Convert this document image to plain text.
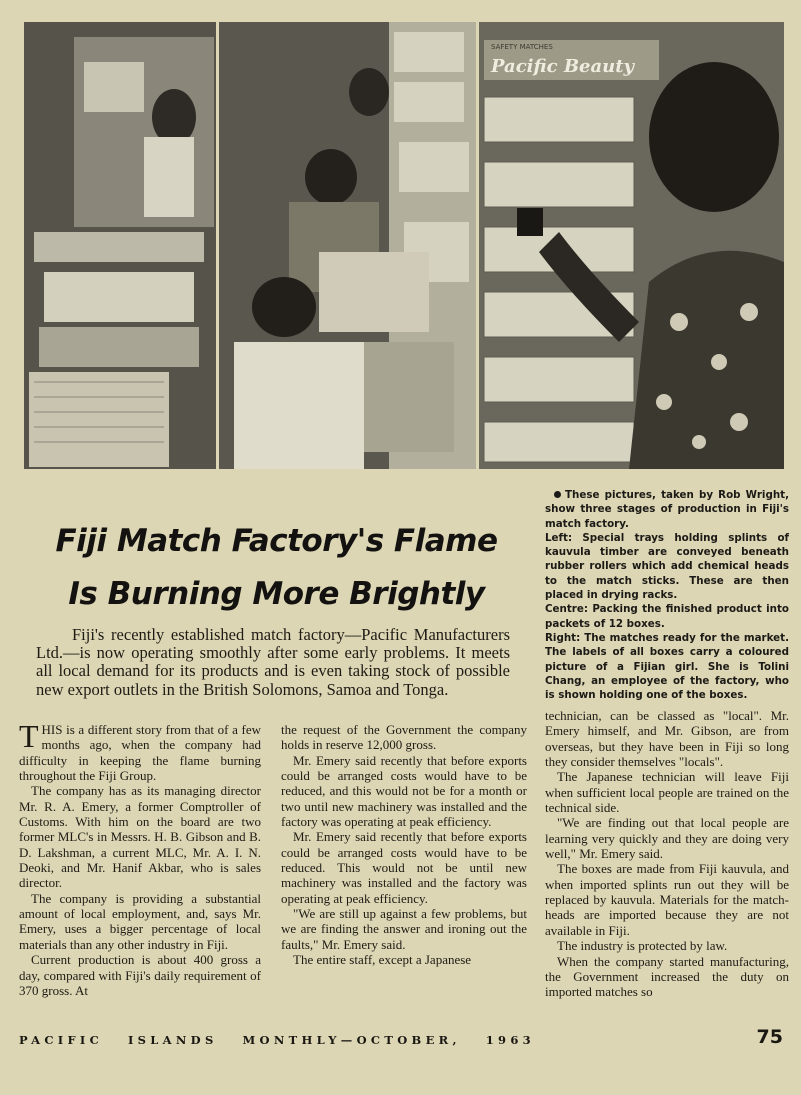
SAFETY MATCHES
Pacific Beauty
Fiji Match Factory's Flame
Is Burning More Brightly

These pictures, taken by Rob Wright, show three stages of production in Fiji's match factory.

Left: Special trays holding splints of kauvula timber are conveyed beneath rubber rollers which add chemical heads to the match sticks. These are then placed in drying racks.

Centre: Packing the finished product into packets of 12 boxes.

Right: The matches ready for the market. The labels of all boxes carry a coloured picture of a Fijian girl. She is Tolini Chang, an employee of the factory, who is shown holding one of the boxes.

Fiji's recently established match factory—Pacific Manufacturers Ltd.—is now operating smoothly after some early problems. It meets all local demand for its products and is even taking stock of possible new export outlets in the British Solomons, Samoa and Tonga.

THIS is a different story from that of a few months ago, when the company had difficulty in keeping the flame burning throughout the Fiji Group.

The company has as its managing director Mr. R. A. Emery, a former Comptroller of Customs. With him on the board are two former MLC's in Messrs. H. B. Gibson and B. D. Lakshman, a current MLC, Mr. A. I. N. Deoki, and Mr. Hanif Akbar, who is sales director.

The company is providing a substantial amount of local employment, and, says Mr. Emery, uses a bigger percentage of local materials than any other industry in Fiji.

Current production is about 400 gross a day, compared with Fiji's daily requirement of 370 gross. At

the request of the Government the company holds in reserve 12,000 gross.

Mr. Emery said recently that before exports could be arranged costs would have to be reduced, and this would not be for a month or two until new machinery was installed and the factory was operating at peak efficiency.

Mr. Emery said recently that before exports could be arranged costs would have to be reduced. This would not be until new machinery was installed and the factory was operating at peak efficiency.

"We are still up against a few problems, but we are finding the answer and ironing out the faults," Mr. Emery said.

The entire staff, except a Japanese

technician, can be classed as "local". Mr. Emery himself, and Mr. Gibson, are from overseas, but they have been in Fiji so long they consider themselves "locals".

The Japanese technician will leave Fiji when sufficient local people are trained on the technical side.

"We are finding out that local people are learning very quickly and they are doing very well," Mr. Emery said.

The boxes are made from Fiji kauvula, and when imported splints run out they will be replaced by kauvula. Materials for the match-heads are imported because they are not available in Fiji.

The industry is protected by law.

When the company started manufacturing, the Government increased the duty on imported matches so

PACIFIC   ISLANDS   MONTHLY—OCTOBER,   1963	75
